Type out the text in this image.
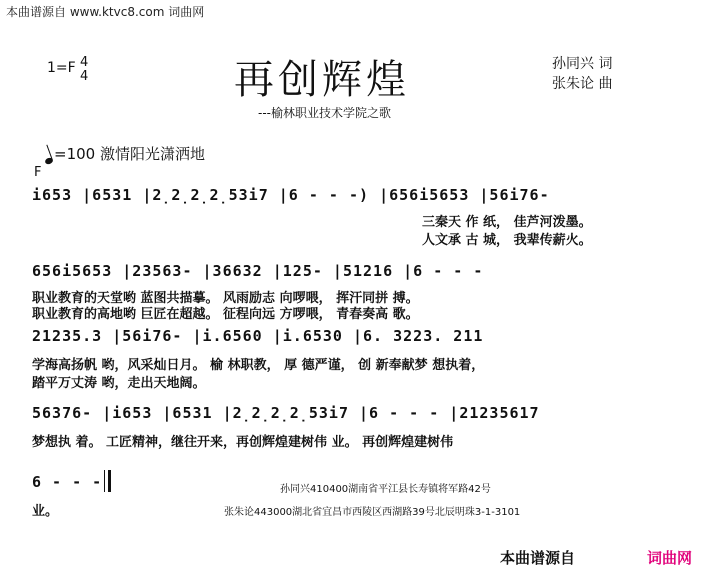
本曲谱源自 www.ktvc8.com 词曲网
1=F 4
4	再创辉煌
---榆林职业技术学院之歌
孙同兴 词
张朱论 曲
=100 激情阳光潇洒地
F
i653 |6531 |2̣2̣2̣2̣53i7 |6 - - -) |656i5653 |56i76-
三秦天 作 纸， 佳芦河泼墨。
人文承 古 城， 我辈传薪火。
656i5653 |23563- |36632 |125- |51216 |6 - - -
职业教育的天堂哟 蓝图共描摹。 风雨励志 向啰喂， 挥汗同拼 搏。
职业教育的高地哟 巨匠在超越。 征程向远 方啰喂， 青春奏高 歌。
21235.3 |56i76- |i.6560 |i.6530 |6. 3223. 211
学海高扬帆 哟，风采灿日月。 榆 林职教， 厚 德严谨， 创 新奉献梦 想执着，
踏平万丈涛 哟，走出天地阔。
56376- |i653 |6531 |2̣2̣2̣2̣53i7 |6 - - - |21235617
梦想执 着。 工匠精神，继往开来，再创辉煌建树伟 业。 再创辉煌建树伟
6 - - -
业。
孙同兴410400湖南省平江县长寿镇将军路42号
张朱论443000湖北省宜昌市西陵区西湖路39号北辰明珠3-1-3101
本曲谱源自	词曲网
